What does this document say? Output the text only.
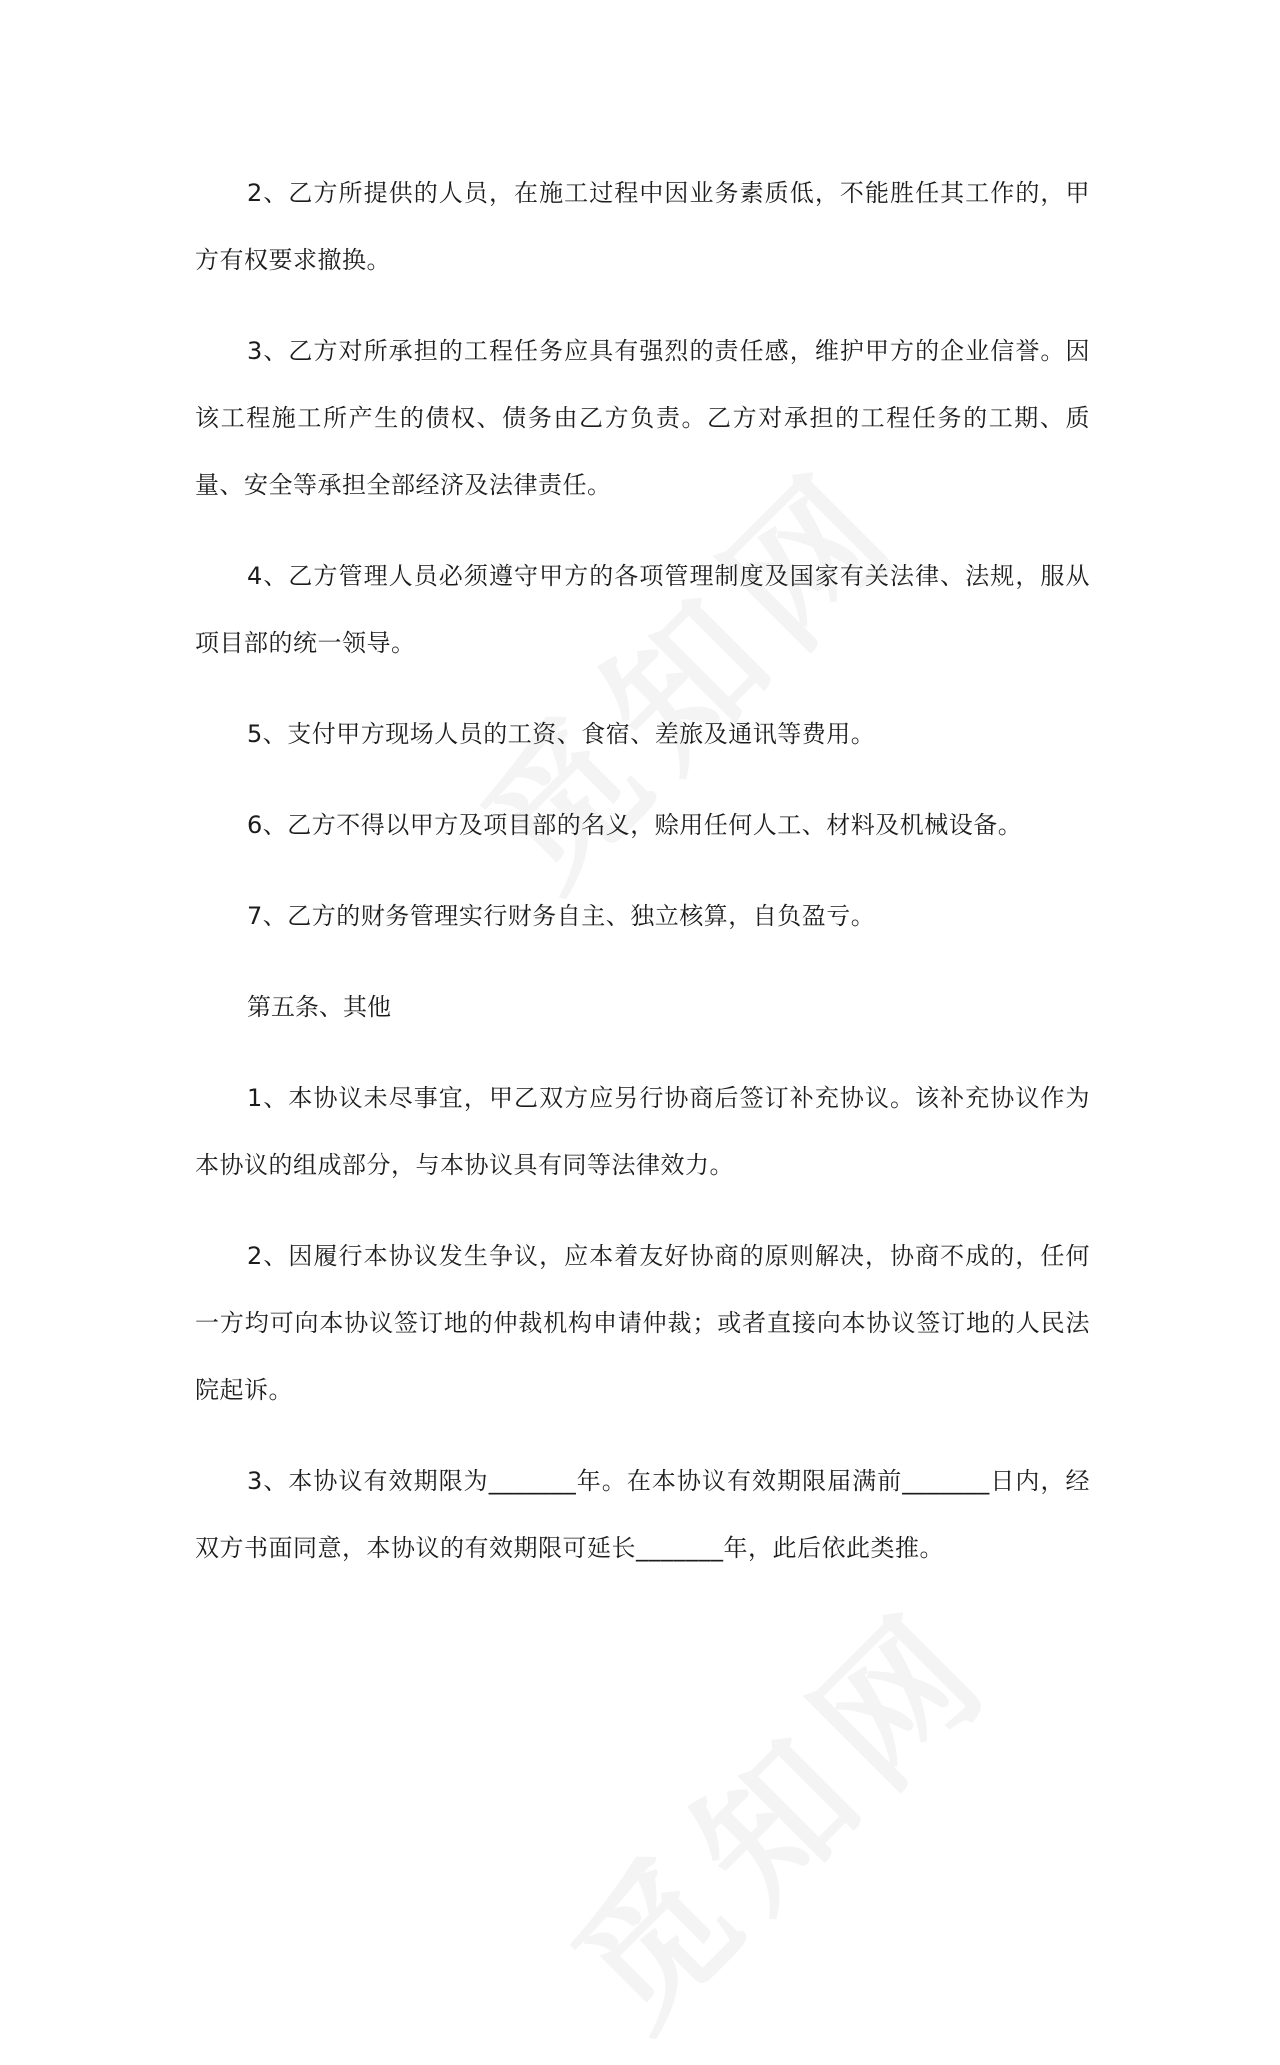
2、乙方所提供的人员，在施工过程中因业务素质低，不能胜任其工作的，甲方有权要求撤换。

3、乙方对所承担的工程任务应具有强烈的责任感，维护甲方的企业信誉。因该工程施工所产生的债权、债务由乙方负责。乙方对承担的工程任务的工期、质量、安全等承担全部经济及法律责任。

4、乙方管理人员必须遵守甲方的各项管理制度及国家有关法律、法规，服从项目部的统一领导。

5、支付甲方现场人员的工资、食宿、差旅及通讯等费用。

6、乙方不得以甲方及项目部的名义，赊用任何人工、材料及机械设备。

7、乙方的财务管理实行财务自主、独立核算，自负盈亏。

第五条、其他

1、本协议未尽事宜，甲乙双方应另行协商后签订补充协议。该补充协议作为本协议的组成部分，与本协议具有同等法律效力。

2、因履行本协议发生争议，应本着友好协商的原则解决，协商不成的，任何一方均可向本协议签订地的仲裁机构申请仲裁；或者直接向本协议签订地的人民法院起诉。

3、本协议有效期限为_______年。在本协议有效期限届满前_______日内，经双方书面同意，本协议的有效期限可延长_______年，此后依此类推。
